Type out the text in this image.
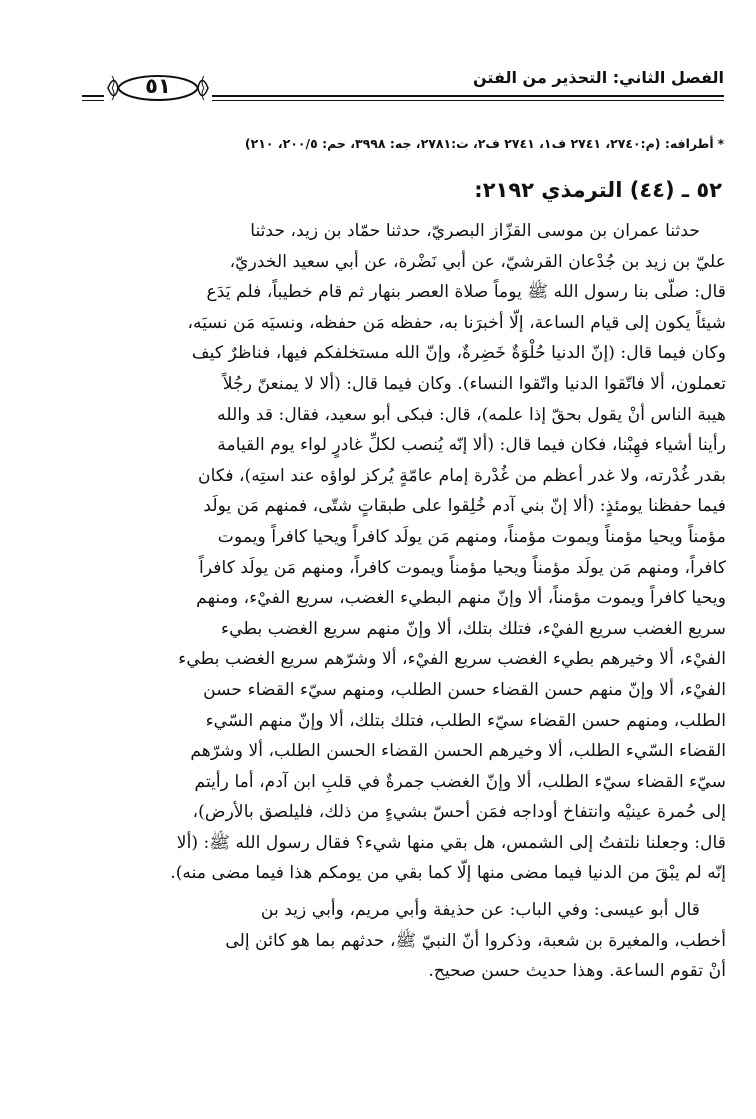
الفصل الثاني: التحذير من الفتن
٥١
*أطرافه: (م:٢٧٤٠، ٢٧٤١ ف١، ٢٧٤١ ف٢، ت:٢٧٨١، جه: ٣٩٩٨، حم: ٢٠٠/٥، ٢١٠)
٥٢ ـ (٤٤) الترمذي ٢١٩٢:
حدثنا عمران بن موسى القزّاز البصريّ، حدثنا حمّاد بن زيد، حدثنا
عليّ بن زيد بن جُدْعان القرشيّ، عن أبي نَضْرة، عن أبي سعيد الخدريّ،
قال: صلّى بنا رسول الله ﷺ يوماً صلاة العصر بنهار ثم قام خطيباً، فلم يَدَع
شيئاً يكون إلى قيام الساعة، إلّا أخبرَنا به، حفظه مَن حفظه، ونسيَه مَن نسيَه،
وكان فيما قال: (إنّ الدنيا حُلْوَةٌ خَضِرةٌ، وإنّ الله مستخلفكم فيها، فناظرٌ كيف
تعملون، ألا فاتّقوا الدنيا واتّقوا النساء). وكان فيما قال: (ألا لا يمنعنّ رجُلاً
هيبة الناس أنْ يقول بحقّ إذا علمه)، قال: فبكى أبو سعيد، فقال: قد والله
رأينا أشياء فهِبْنا، فكان فيما قال: (ألا إنّه يُنصب لكلِّ غادرٍ لواء يوم القيامة
بقدر غُدْرته، ولا غدر أعظم من غُدْرة إمام عامّةٍ يُركز لواؤه عند استِه)، فكان
فيما حفظنا يومئذٍ: (ألا إنّ بني آدم خُلِقوا على طبقاتٍ شتّى، فمنهم مَن يولَد
مؤمناً ويحيا مؤمناً ويموت مؤمناً، ومنهم مَن يولَد كافراً ويحيا كافراً ويموت
كافراً، ومنهم مَن يولَد مؤمناً ويحيا مؤمناً ويموت كافراً، ومنهم مَن يولَد كافراً
ويحيا كافراً ويموت مؤمناً، ألا وإنّ منهم البطيء الغضب، سريع الفيْء، ومنهم
سريع الغضب سريع الفيْء، فتلك بتلك، ألا وإنّ منهم سريع الغضب بطيء
الفيْء، ألا وخيرهم بطيء الغضب سريع الفيْء، ألا وشرّهم سريع الغضب بطيء
الفيْء، ألا وإنّ منهم حسن القضاء حسن الطلب، ومنهم سيّء القضاء حسن
الطلب، ومنهم حسن القضاء سيّء الطلب، فتلك بتلك، ألا وإنّ منهم السّيء
القضاء السّيء الطلب، ألا وخيرهم الحسن القضاء الحسن الطلب، ألا وشرّهم
سيّء القضاء سيّء الطلب، ألا وإنّ الغضب جمرةٌ في قلبِ ابن آدم، أما رأيتم
إلى حُمرة عينيْه وانتفاخ أوداجه فمَن أحسّ بشيءٍ من ذلك، فليلصق بالأرض)،
قال: وجعلنا نلتفتُ إلى الشمس، هل بقي منها شيء؟ فقال رسول الله ﷺ: (ألا
إنّه لم يبْقَ من الدنيا فيما مضى منها إلّا كما بقي من يومكم هذا فيما مضى منه).
قال أبو عيسى: وفي الباب: عن حذيفة وأبي مريم، وأبي زيد بن
أخطب، والمغيرة بن شعبة، وذكروا أنّ النبيّ ﷺ، حدثهم بما هو كائن إلى
أنْ تقوم الساعة. وهذا حديث حسن صحيح.
